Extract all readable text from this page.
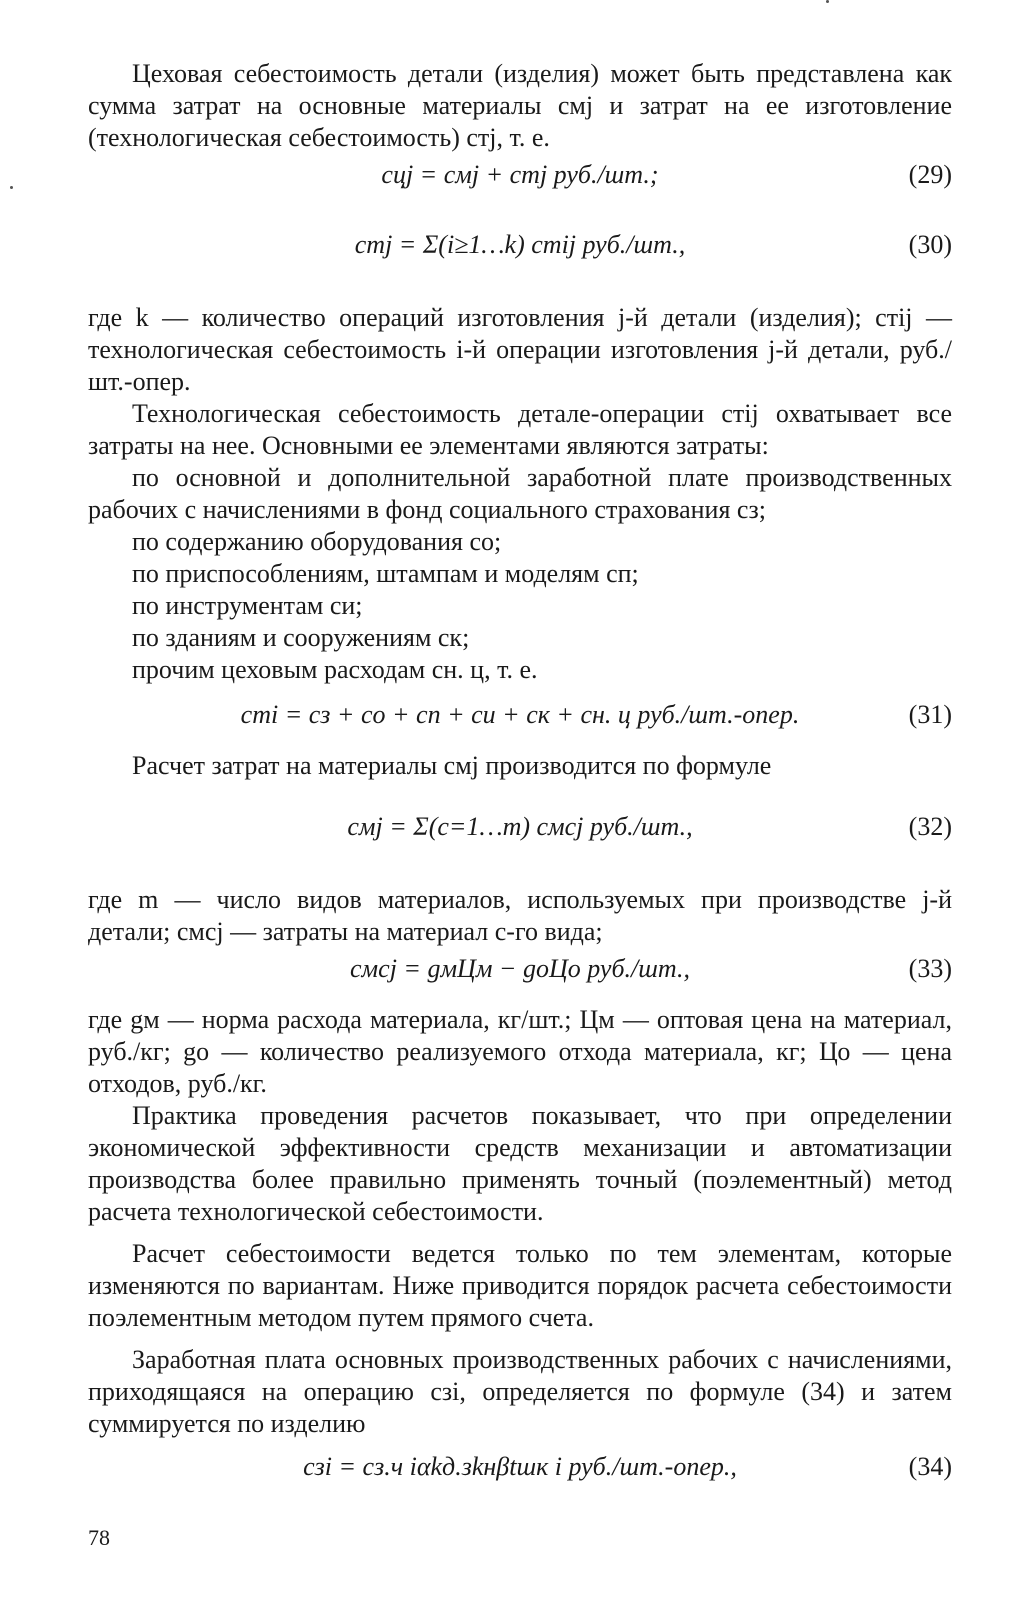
Цеховая себестоимость детали (изделия) может быть представлена как сумма затрат на основные материалы cмj и затрат на ее изготовление (технологическая себестоимость) cтj, т. е.

cцj = cмj + cтj руб./шт.;	(29)
cтj = Σ(i≥1…k) cтij руб./шт.,	(30)

где k — количество операций изготовления j-й детали (изделия); cтij — технологическая себестоимость i-й операции изготовления j-й детали, руб./шт.-опер.

Технологическая себестоимость детале-операции cтij охватывает все затраты на нее. Основными ее элементами являются затраты:

по основной и дополнительной заработной плате производственных рабочих с начислениями в фонд социального страхования cз;
по содержанию оборудования cо;
по приспособлениям, штампам и моделям cп;
по инструментам cи;
по зданиям и сооружениям cк;
прочим цеховым расходам cн. ц, т. е.
cтi = cз + cо + cп + cи + cк + cн. ц руб./шт.-опер.	(31)

Расчет затрат на материалы cмj производится по формуле

cмj = Σ(c=1…m) cмcj руб./шт.,	(32)

где m — число видов материалов, используемых при производстве j-й детали; cмcj — затраты на материал c-го вида;

cмcj = gмЦм − gоЦо руб./шт.,	(33)

где gм — норма расхода материала, кг/шт.; Цм — оптовая цена на материал, руб./кг; gо — количество реализуемого отхода материала, кг; Цо — цена отходов, руб./кг.

Практика проведения расчетов показывает, что при определении экономической эффективности средств механизации и автоматизации производства более правильно применять точный (поэлементный) метод расчета технологической себестоимости.

Расчет себестоимости ведется только по тем элементам, которые изменяются по вариантам. Ниже приводится порядок расчета себестоимости поэлементным методом путем прямого счета.

Заработная плата основных производственных рабочих с начислениями, приходящаяся на операцию cзi, определяется по формуле (34) и затем суммируется по изделию

cзi = cз.ч iαkд.зkнβtшк i руб./шт.-опер.,	(34)
78
